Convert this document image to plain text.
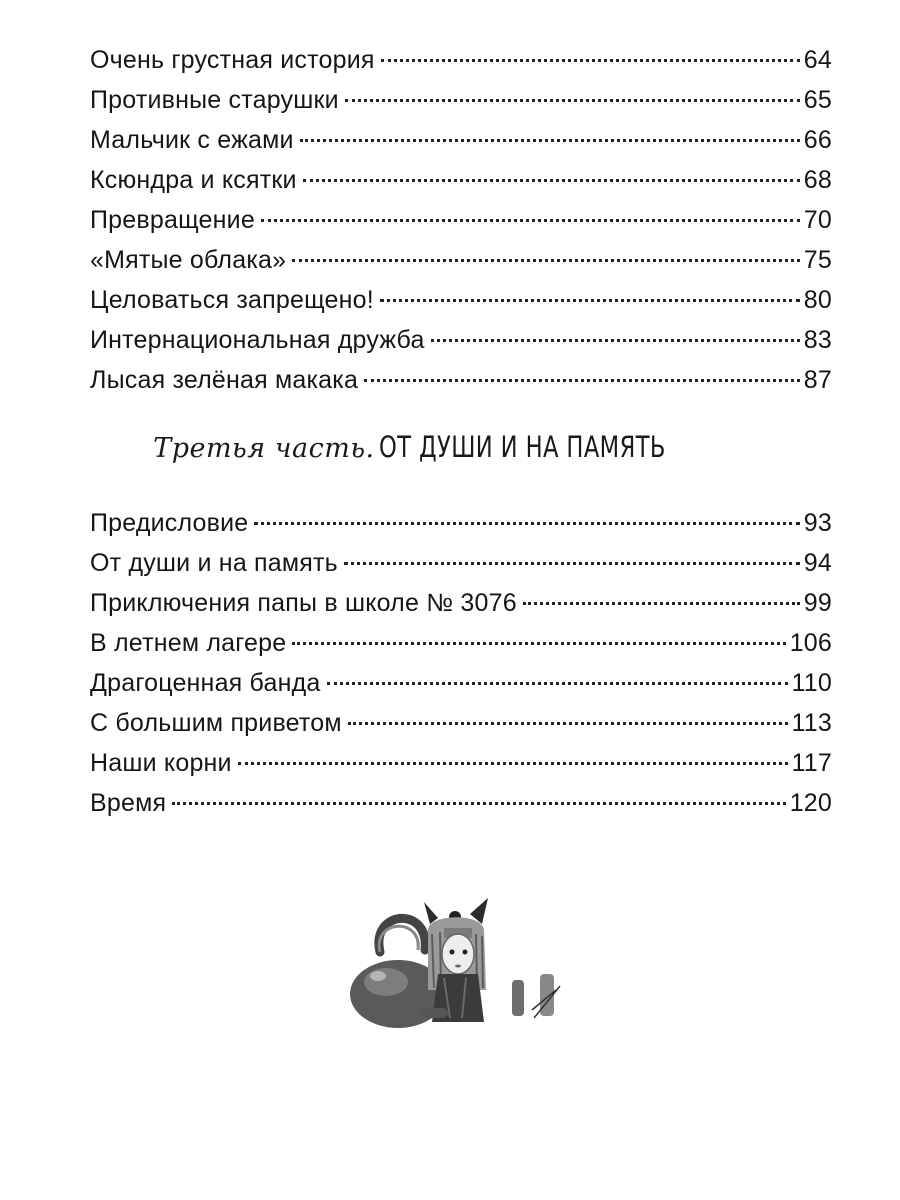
Очень грустная история	64
Противные старушки	65
Мальчик с ежами	66
Ксюндра и ксятки	68
Превращение	70
«Мятые облака»	75
Целоваться запрещено!	80
Интернациональная дружба	83
Лысая зелёная макака	87
Третья часть. ОТ ДУШИ И НА ПАМЯТЬ
Предисловие	93
От души и на память	94
Приключения папы в школе № 3076	99
В летнем лагере	106
Драгоценная банда	110
С большим приветом	113
Наши корни	117
Время	120
